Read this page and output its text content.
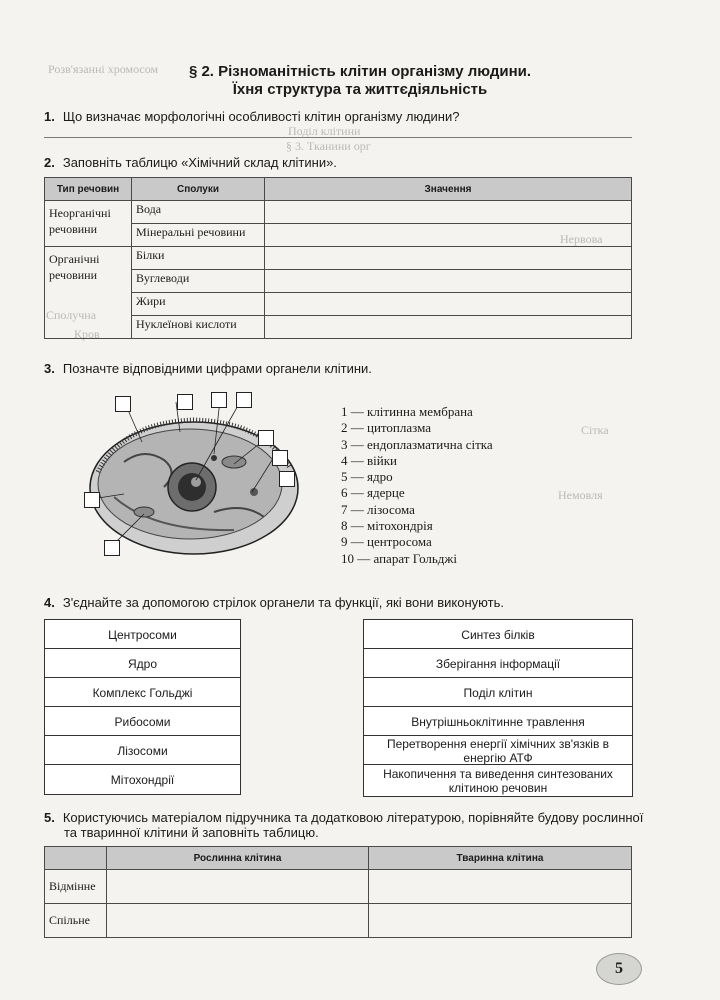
Розв'язанні хромосом
§ 3. Тканини орг
Поділ клітини
Нервова
Сполучна
Кров
Сітка
Немовля
§ 2. Різноманітність клітин організму людини.
Їхня структура та життєдіяльність
1. Що визначає морфологічні особливості клітин організму людини?
2. Заповніть таблицю «Хімічний склад клітини».
Тип речовин	Сполуки	Значення
Неорганічні речовини	Вода	
	Мінеральні речовини	
Органічні речовини	Білки	
	Вуглеводи	
	Жири	
	Нуклеїнові кислоти	
3. Позначте відповідними цифрами органели клітини.
1 — клітинна мембрана
2 — цитоплазма
3 — ендоплазматична сітка
4 — війки
5 — ядро
6 — ядерце
7 — лізосома
8 — мітохондрія
9 — центросома
10 — апарат Гольджі
4. З'єднайте за допомогою стрілок органели та функції, які вони виконують.
Центросоми
Ядро
Комплекс Гольджі
Рибосоми
Лізосоми
Мітохондрії
Синтез білків
Зберігання інформації
Поділ клітин
Внутрішньоклітинне травлення
Перетворення енергії хімічних зв'язків в енергію АТФ
Накопичення та виведення синтезованих клітиною речовин
5. Користуючись матеріалом підручника та додатковою літературою, порівняйте будову рослинної
та тваринної клітини й заповніть таблицю.
	Рослинна клітина	Тваринна клітина
Відмінне		
Спільне		
5
